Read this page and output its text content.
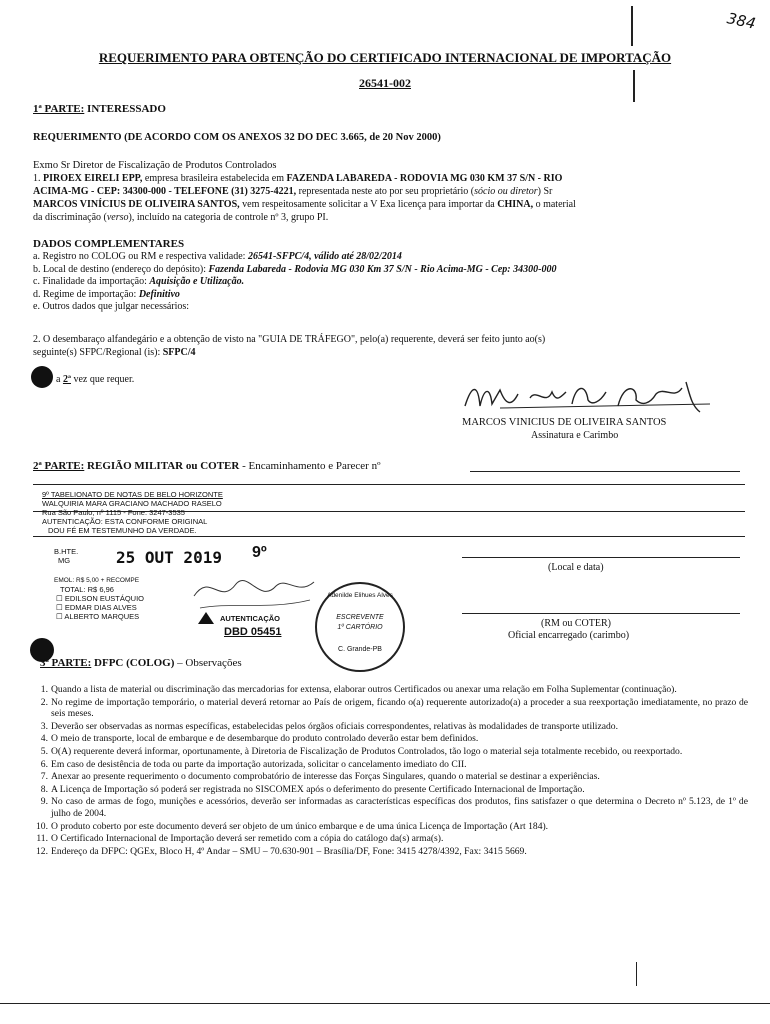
384
REQUERIMENTO PARA OBTENÇÃO DO CERTIFICADO INTERNACIONAL DE IMPORTAÇÃO
26541-002
1ª PARTE: INTERESSADO
REQUERIMENTO (DE ACORDO COM OS ANEXOS 32 DO DEC 3.665, de 20 Nov 2000)
Exmo Sr Diretor de Fiscalização de Produtos Controlados
1. PIROEX EIRELI EPP, empresa brasileira estabelecida em FAZENDA LABAREDA - RODOVIA MG 030 KM 37 S/N - RIO
ACIMA-MG - CEP: 34300-000 - TELEFONE (31) 3275-4221, representada neste ato por seu proprietário (sócio ou diretor) Sr
MARCOS VINÍCIUS DE OLIVEIRA SANTOS, vem respeitosamente solicitar a V Exa licença para importar da CHINA, o material
da discriminação (verso), incluído na categoria de controle nº 3, grupo PI.
DADOS COMPLEMENTARES
a. Registro no COLOG ou RM e respectiva validade: 26541-SFPC/4, válido até 28/02/2014
b. Local de destino (endereço do depósito): Fazenda Labareda - Rodovia MG 030 Km 37 S/N - Rio Acima-MG - Cep: 34300-000
c. Finalidade da importação: Aquisição e Utilização.
d. Regime de importação: Definitivo
e. Outros dados que julgar necessários:
2. O desembaraço alfandegário e a obtenção de visto na "GUIA DE TRÁFEGO", pelo(a) requerente, deverá ser feito junto ao(s)
seguinte(s) SFPC/Regional (is): SFPC/4
a 2ª vez que requer.
MARCOS VINICIUS DE OLIVEIRA SANTOS
Assinatura e Carimbo
2ª PARTE: REGIÃO MILITAR ou COTER - Encaminhamento e Parecer nº
(Local e data)
(RM ou COTER)
Oficial encarregado (carimbo)
9º TABELIONATO DE NOTAS DE BELO HORIZONTE
WALQUIRIA MARA GRACIANO MACHADO RASELO
Rua São Paulo, nº 1115 - Fone: 3247-3535
AUTENTICAÇÃO: ESTA CONFORME ORIGINAL
DOU FÉ EM TESTEMUNHO DA VERDADE.
B.HTE.
MG	25 OUT 2019 9º
EMOL: R$ 5,00 + RECOMPE
TOTAL: R$ 6,96
☐ EDILSON EUSTÁQUIO
☐ EDMAR DIAS ALVES
☐ ALBERTO MARQUES	AUTENTICAÇÃO
DBD 05451
Adenilde Elihues Alves
ESCREVENTE
1º CARTÓRIO
C. Grande-PB
3ª PARTE: DFPC (COLOG) – Observações
1. Quando a lista de material ou discriminação das mercadorias for extensa, elaborar outros Certificados ou anexar uma relação em Folha Suplementar (continuação).
2. No regime de importação temporário, o material deverá retornar ao País de origem, ficando o(a) requerente autorizado(a) a proceder a sua reexportação imediatamente, no prazo de seis meses.
3. Deverão ser observadas as normas específicas, estabelecidas pelos órgãos oficiais correspondentes, relativas às modalidades de transporte utilizado.
4. O meio de transporte, local de embarque e de desembarque do produto controlado deverão estar bem definidos.
5. O(A) requerente deverá informar, oportunamente, à Diretoria de Fiscalização de Produtos Controlados, tão logo o material seja totalmente recebido, ou reexportado.
6. Em caso de desistência de toda ou parte da importação autorizada, solicitar o cancelamento imediato do CII.
7. Anexar ao presente requerimento o documento comprobatório de interesse das Forças Singulares, quando o material se destinar a experiências.
8. A Licença de Importação só poderá ser registrada no SISCOMEX após o deferimento do presente Certificado Internacional de Importação.
9. No caso de armas de fogo, munições e acessórios, deverão ser informadas as características específicas dos produtos, fins satisfazer o que determina o Decreto nº 5.123, de 1º de julho de 2004.
10. O produto coberto por este documento deverá ser objeto de um único embarque e de uma única Licença de Importação (Art 184).
11. O Certificado Internacional de Importação deverá ser remetido com a cópia do catálogo da(s) arma(s).
12. Endereço da DFPC: QGEx, Bloco H, 4º Andar – SMU – 70.630-901 – Brasília/DF, Fone: 3415 4278/4392, Fax: 3415 5669.
